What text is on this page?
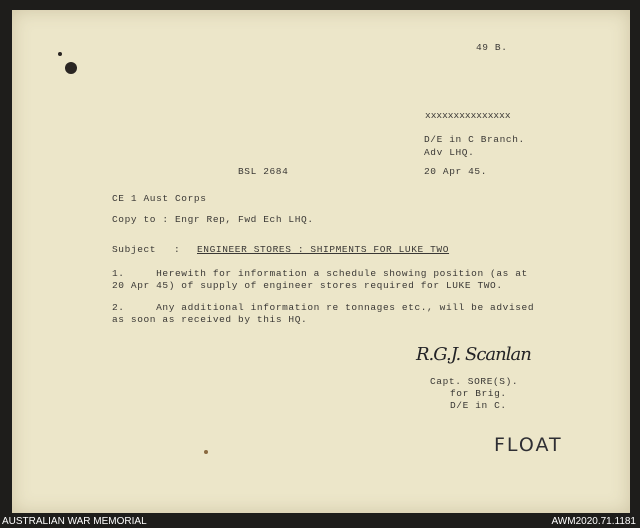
49 B.
xxxxxxxxxxxxxxx
D/E in C Branch.
Adv LHQ.
BSL 2684	20 Apr 45.
CE 1 Aust Corps
Copy to : Engr Rep, Fwd Ech LHQ.
Subject : ENGINEER STORES : SHIPMENTS FOR LUKE TWO
1.     Herewith for information a schedule showing position (as at
20 Apr 45) of supply of engineer stores required for LUKE TWO.
2.     Any additional information re tonnages etc., will be advised
as soon as received by this HQ.
R.G.J. Scanlan
Capt. SORE(S).
for Brig.
D/E in C.
FLOAT
AUSTRALIAN WAR MEMORIAL	AWM2020.71.1181
